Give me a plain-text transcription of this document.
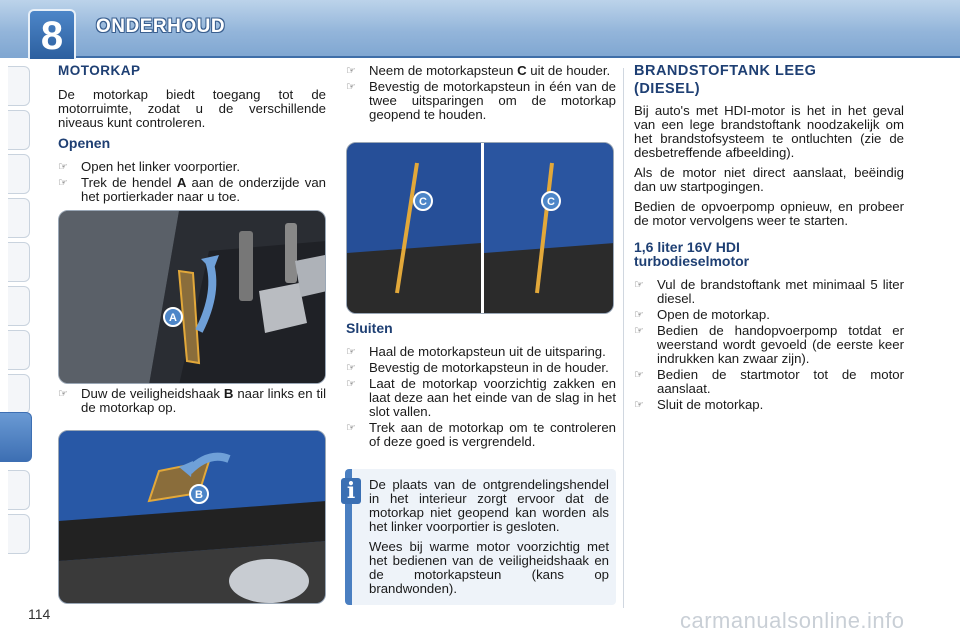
8	ONDERHOUD
MOTORKAP

De motorkap biedt toegang tot de motorruimte, zodat u de verschillende niveaus kunt controleren.

Openen
☞ Open het linker voorportier.
☞ Trek de hendel A aan de onderzijde van het portierkader naar u toe.
A
☞ Duw de veiligheidshaak B naar links en til de motorkap op.
B
☞ Neem de motorkapsteun C uit de houder.
☞ Bevestig de motorkapsteun in één van de twee uitsparingen om de motorkap geopend te houden.
C	C
Sluiten
☞ Haal de motorkapsteun uit de uitsparing.
☞ Bevestig de motorkapsteun in de houder.
☞ Laat de motorkap voorzichtig zakken en laat deze aan het einde van de slag in het slot vallen.
☞ Trek aan de motorkap om te controleren of deze goed is vergrendeld.
i	De plaats van de ontgrendelingshendel in het interieur zorgt ervoor dat de motorkap niet geopend kan worden als het linker voorportier is gesloten.

Wees bij warme motor voorzichtig met het bedienen van de veiligheidshaak en de motorkapsteun (kans op brandwonden).

BRANDSTOFTANK LEEG
(DIESEL)

Bij auto's met HDI-motor is het in het geval van een lege brandstoftank noodzakelijk om het brandstofsysteem te ontluchten (zie de desbetreffende afbeelding).

Als de motor niet direct aanslaat, beëindig dan uw startpogingen.

Bedien de opvoerpomp opnieuw, en probeer de motor vervolgens weer te starten.

1,6 liter 16V HDI
turbodieselmotor
☞ Vul de brandstoftank met minimaal 5 liter diesel.
☞ Open de motorkap.
☞ Bedien de handopvoerpomp totdat er weerstand wordt gevoeld (de eerste keer indrukken kan zwaar zijn).
☞ Bedien de startmotor tot de motor aanslaat.
☞ Sluit de motorkap.
114	carmanualsonline.info
